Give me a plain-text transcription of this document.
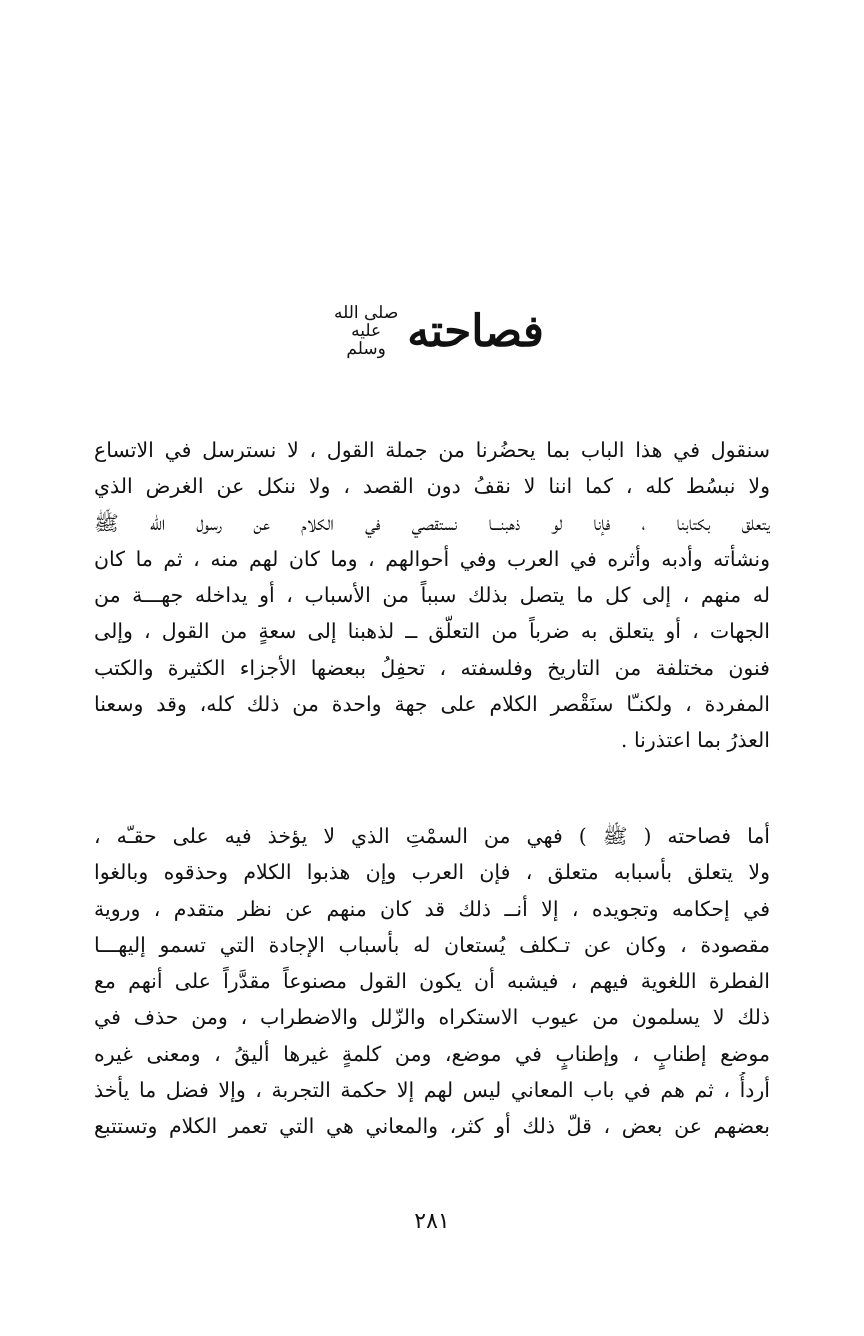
فصاحته صلى الله عليه وسلم
سنقول في هذا الباب بما يحضُرنا من جملة القول ، لا نسترسل في الاتساع
ولا نبسُط كله ، كما اننا لا نقفُ دون القصد ، ولا ننكل عن الغرض الذي
يتعلق بكتابنا ، فإنا لو ذهبنـــا نستقصي في الكلام عن رسول الله ﷺ
ونشأته وأدبه وأثره في العرب وفي أحوالهم ، وما كان لهم منه ، ثم ما كان
له منهم ، إلى كل ما يتصل بذلك سبباً من الأسباب ، أو يداخله جهـــة من
الجهات ، أو يتعلق به ضرباً من التعلّق ــ لذهبنا إلى سعةٍ من القول ، وإلى
فنون مختلفة من التاريخ وفلسفته ، تحفِلُ ببعضها الأجزاء الكثيرة والكتب
المفردة ، ولكنـّا سنَقْصر الكلام على جهة واحدة من ذلك كله، وقد وسعنا
العذرُ بما اعتذرنا .
أما فصاحته ( ﷺ ) فهي من السمْتِ الذي لا يؤخذ فيه على حقـّه ،
ولا يتعلق بأسبابه متعلق ، فإن العرب وإن هذبوا الكلام وحذقوه وبالغوا
في إحكامه وتجويده ، إلا أنــ ذلك قد كان منهم عن نظر متقدم ، وروية
مقصودة ، وكان عن تـكلف يُستعان له بأسباب الإجادة التي تسمو إليهـــا
الفطرة اللغوية فيهم ، فيشبه أن يكون القول مصنوعاً مقدَّراً على أنهم مع
ذلك لا يسلمون من عيوب الاستكراه والزّلل والاضطراب ، ومن حذف في
موضع إطنابٍ ، وإطنابٍ في موضع، ومن كلمةٍ غيرها أليقُ ، ومعنى غيره
أردأُ ، ثم هم في باب المعاني ليس لهم إلا حكمة التجربة ، وإلا فضل ما يأخذ
بعضهم عن بعض ، قلّ ذلك أو كثر، والمعاني هي التي تعمر الكلام وتستتبع
٢٨١
